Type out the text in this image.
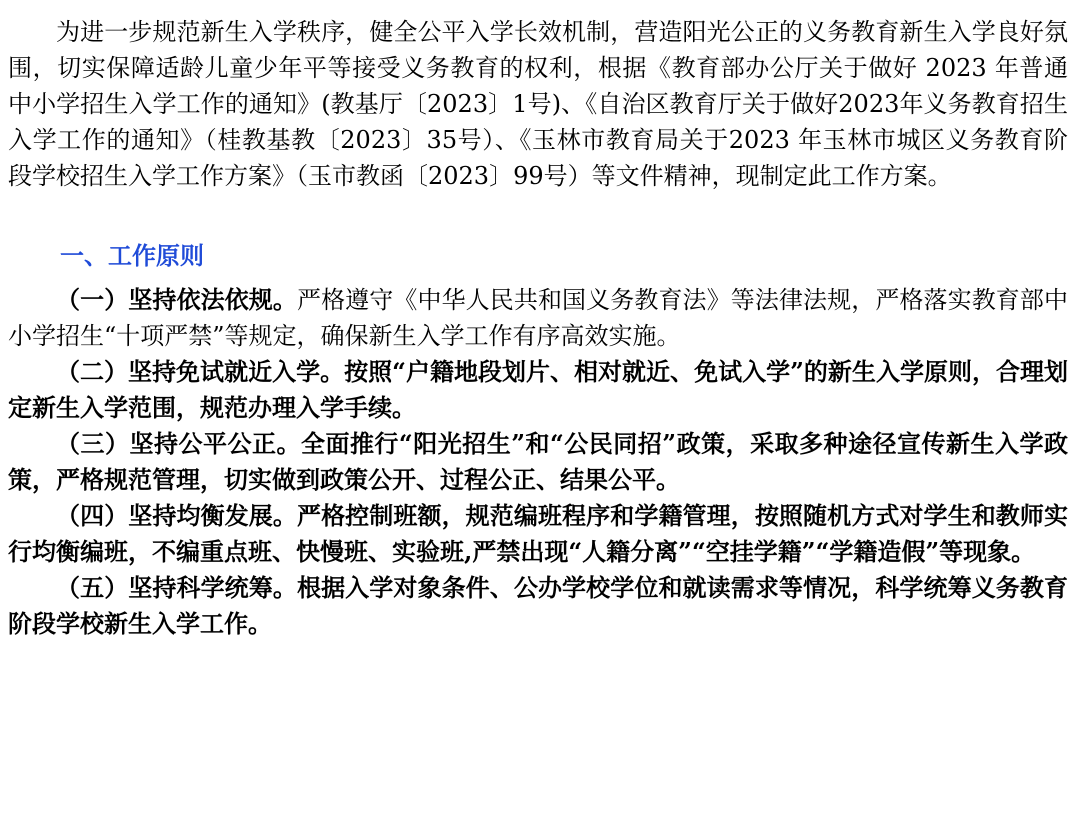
为进一步规范新生入学秩序，健全公平入学长效机制，营造阳光公正的义务教育新生入学良好氛围，切实保障适龄儿童少年平等接受义务教育的权利，根据《教育部办公厅关于做好 2023 年普通中小学招生入学工作的通知》(教基厅〔2023〕1号)、《自治区教育厅关于做好2023年义务教育招生入学工作的通知》（桂教基教〔2023〕35号）、《玉林市教育局关于2023 年玉林市城区义务教育阶段学校招生入学工作方案》（玉市教函〔2023〕99号）等文件精神，现制定此工作方案。

一、工作原则

（一）坚持依法依规。严格遵守《中华人民共和国义务教育法》等法律法规，严格落实教育部中小学招生“十项严禁”等规定，确保新生入学工作有序高效实施。

（二）坚持免试就近入学。按照“户籍地段划片、相对就近、免试入学”的新生入学原则，合理划定新生入学范围，规范办理入学手续。

（三）坚持公平公正。全面推行“阳光招生”和“公民同招”政策，采取多种途径宣传新生入学政策，严格规范管理，切实做到政策公开、过程公正、结果公平。

（四）坚持均衡发展。严格控制班额，规范编班程序和学籍管理，按照随机方式对学生和教师实行均衡编班，不编重点班、快慢班、实验班,严禁出现“人籍分离”“空挂学籍”“学籍造假”等现象。

（五）坚持科学统筹。根据入学对象条件、公办学校学位和就读需求等情况，科学统筹义务教育阶段学校新生入学工作。
